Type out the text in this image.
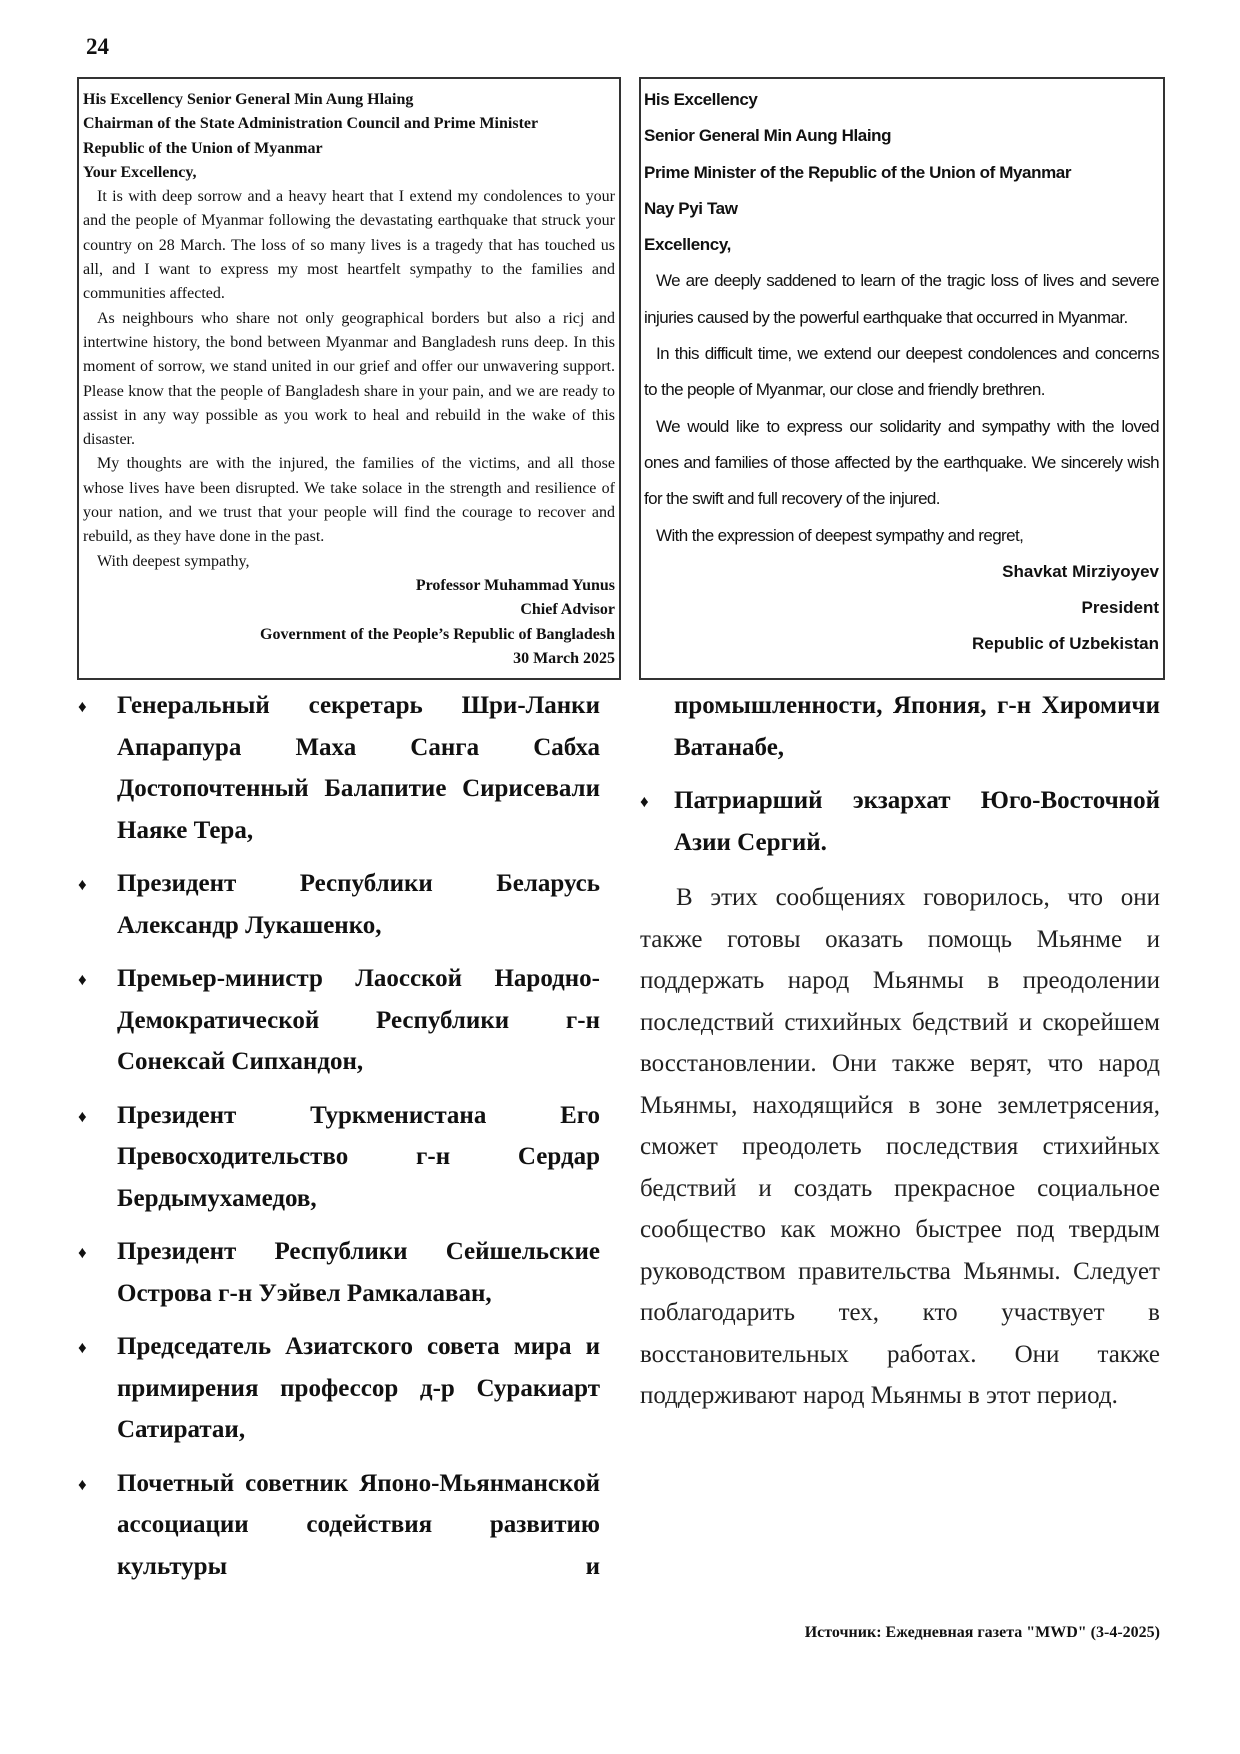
24

His Excellency Senior General Min Aung Hlaing

Chairman of the State Administration Council and Prime Minister

Republic of the Union of Myanmar

Your Excellency,

It is with deep sorrow and a heavy heart that I extend my condolences to your and the people of Myanmar following the devastating earthquake that struck your country on 28 March. The loss of so many lives is a tragedy that has touched us all, and I want to express my most heartfelt sympathy to the families and communities affected.

As neighbours who share not only geographical borders but also a ricj and intertwine history, the bond between Myanmar and Bangladesh runs deep. In this moment of sorrow, we stand united in our grief and offer our unwavering support. Please know that the people of Bangladesh share in your pain, and we are ready to assist in any way possible as you work to heal and rebuild in the wake of this disaster.

My thoughts are with the injured, the families of the victims, and all those whose lives have been disrupted. We take solace in the strength and resilience of your nation, and we trust that your people will find the courage to recover and rebuild, as they have done in the past.

With deepest sympathy,

Professor Muhammad Yunus

Chief Advisor

Government of the People’s Republic of Bangladesh

30 March 2025

His Excellency

Senior General Min Aung Hlaing

Prime Minister of the Republic of the Union of Myanmar

Nay Pyi Taw

Excellency,

We are deeply saddened to learn of the tragic loss of lives and severe injuries caused by the powerful earthquake that occurred in Myanmar.

In this difficult time, we extend our deepest condolences and concerns to the people of Myanmar, our close and friendly brethren.

We would like to express our solidarity and sympathy with the loved ones and families of those affected by the earthquake. We sincerely wish for the swift and full recovery of the injured.

With the expression of deepest sympathy and regret,

Shavkat Mirziyoyev

President

Republic of Uzbekistan

♦ Генеральный секретарь Шри-Ланки Апарапура Маха Санга Сабха Достопочтенный Балапитие Сирисевали Наяке Тера,
♦ Президент Республики Беларусь Александр Лукашенко,
♦ Премьер-министр Лаосской Народно-Демократической Республики г-н Сонексай Сипхандон,
♦ Президент Туркменистана Его Превосходительство г-н Сердар Бердымухамедов,
♦ Президент Республики Сейшельские Острова г-н Уэйвел Рамкалаван,
♦ Председатель Азиатского совета мира и примирения профессор д-р Суракиарт Сатиратаи,
♦ Почетный советник Японо-Мьянманской ассоциации содействия развитию культуры и

промышленности, Япония, г-н Хиромичи Ватанабе,

♦ Патриарший экзархат Юго-Восточной Азии Сергий.

В этих сообщениях говорилось, что они также готовы оказать помощь Мьянме и поддержать народ Мьянмы в преодолении последствий стихийных бедствий и скорейшем восстановлении. Они также верят, что народ Мьянмы, находящийся в зоне землетрясения, сможет преодолеть последствия стихийных бедствий и создать прекрасное социальное сообщество как можно быстрее под твердым руководством правительства Мьянмы. Следует поблагодарить тех, кто участвует в восстановительных работах. Они также поддерживают народ Мьянмы в этот период.

Источник: Ежедневная газета "MWD" (3-4-2025)
